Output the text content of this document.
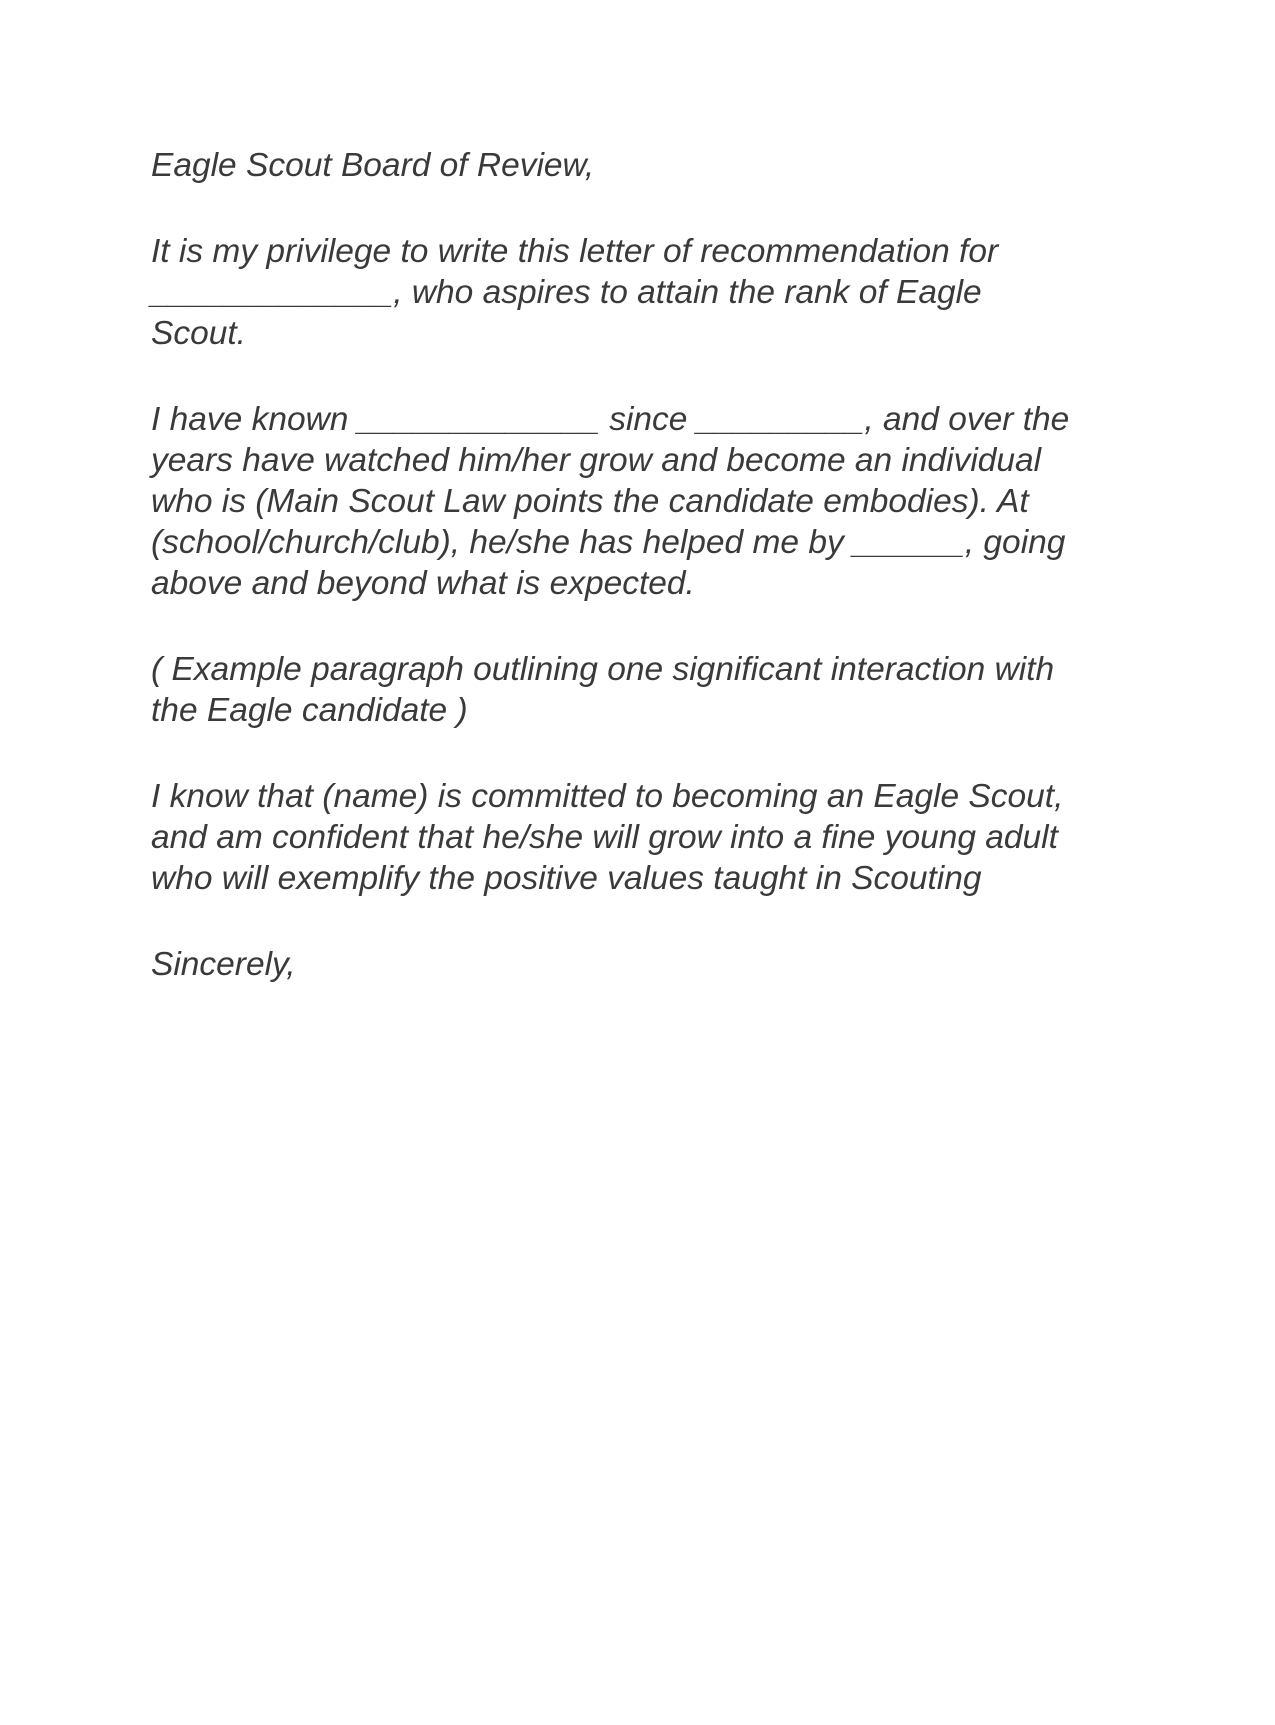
Eagle Scout Board of Review,

It is my privilege to write this letter of recommendation for
_____________, who aspires to attain the rank of Eagle
Scout.

I have known _____________ since _________, and over the
years have watched him/her grow and become an individual
who is (Main Scout Law points the candidate embodies). At
(school/church/club), he/she has helped me by ______, going
above and beyond what is expected.

( Example paragraph outlining one significant interaction with
the Eagle candidate )

I know that (name) is committed to becoming an Eagle Scout,
and am confident that he/she will grow into a fine young adult
who will exemplify the positive values taught in Scouting

Sincerely,
